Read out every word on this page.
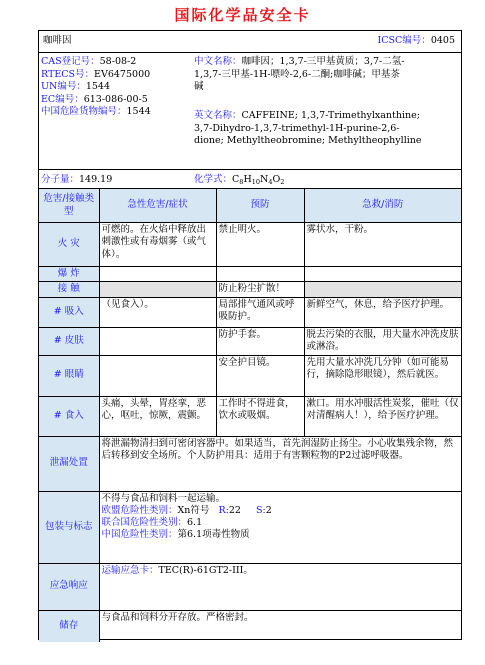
国际化学品安全卡
咖啡因	ICSC编号：0405
CAS登记号：58-08-2
RTECS号：EV6475000
UN编号：1544
EC编号：613-086-00-5
中国危险货物编号：1544
中文名称：咖啡因；1,3,7-三甲基黄质；3,7-二氢-
1,3,7-三甲基-1H-嘌呤-2,6-二酮;咖啡碱；甲基茶
碱
英文名称：CAFFEINE; 1,3,7-Trimethylxanthine;
3,7-Dihydro-1,3,7-trimethyl-1H-purine-2,6-
dione; Methyltheobromine; Methyltheophylline
分子量：149.19	化学式：$C_8H_{10}N_4O_2$
危害/接触类型	急性危害/症状	预防	急救/消防
火 灾	可燃的。在火焰中释放出刺激性或有毒烟雾（或气体）。	禁止明火。	雾状水，干粉。
爆 炸			
接 触		防止粉尘扩散！	
# 吸入	（见食入）。	局部排气通风或呼吸防护。	新鲜空气，休息，给予医疗护理。
# 皮肤		防护手套。	脱去污染的衣服，用大量水冲洗皮肤或淋浴。
# 眼睛		安全护目镜。	先用大量水冲洗几分钟（如可能易行，摘除隐形眼镜），然后就医。
# 食入	头痛，头晕，胃痉挛，恶心，呕吐，惊厥，震颤。	工作时不得进食，饮水或吸烟。	漱口。用水冲服活性炭浆，催吐（仅对清醒病人！），给予医疗护理。
泄漏处置	将泄漏物清扫到可密闭容器中。如果适当，首先润湿防止扬尘。小心收集残余物，然后转移到安全场所。个人防护用具：适用于有害颗粒物的P2过滤呼吸器。		
包装与标志	不得与食品和饲料一起运输。
欧盟危险性类别：Xn符号 R:22 S:2
联合国危险性类别：6.1
中国危险性类别：第6.1项毒性物质		

应急响应	运输应急卡：TEC(R)-61GT2-III。		
储存	与食品和饲料分开存放。严格密封。		
